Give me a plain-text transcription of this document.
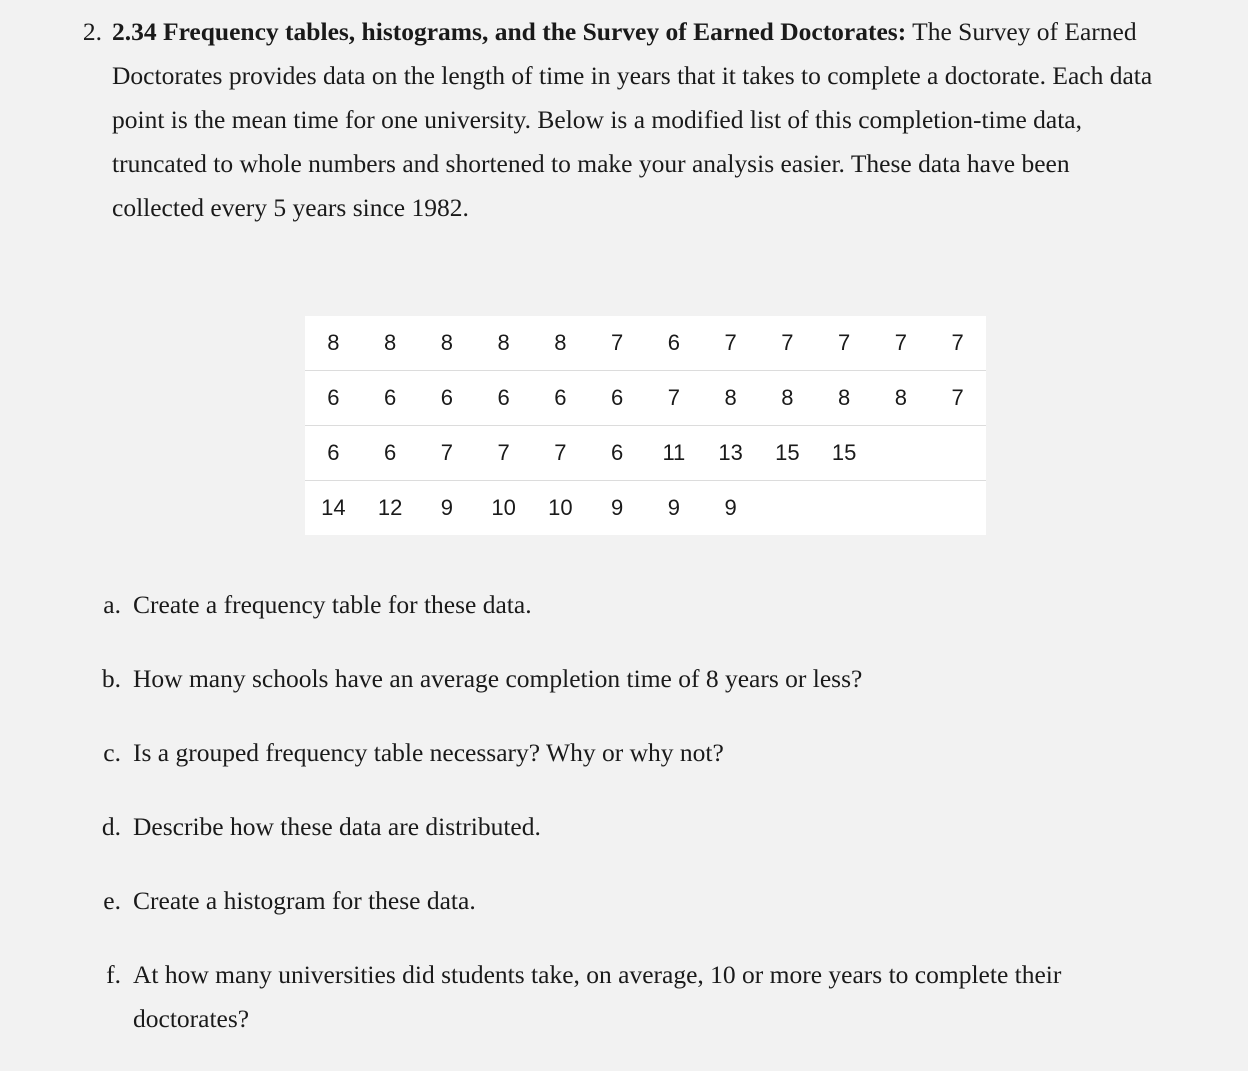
2. 2.34 Frequency tables, histograms, and the Survey of Earned Doctorates: The Survey of Earned Doctorates provides data on the length of time in years that it takes to complete a doctorate. Each data point is the mean time for one university. Below is a modified list of this completion-time data, truncated to whole numbers and shortened to make your analysis easier. These data have been collected every 5 years since 1982.

8	8	8	8	8	7	6	7	7	7	7	7
6	6	6	6	6	6	7	8	8	8	8	7
6	6	7	7	7	6	11	13	15	15		
14	12	9	10	10	9	9	9				
a. Create a frequency table for these data.

b. How many schools have an average completion time of 8 years or less?

c. Is a grouped frequency table necessary? Why or why not?

d. Describe how these data are distributed.

e. Create a histogram for these data.

f. At how many universities did students take, on average, 10 or more years to complete their doctorates?
